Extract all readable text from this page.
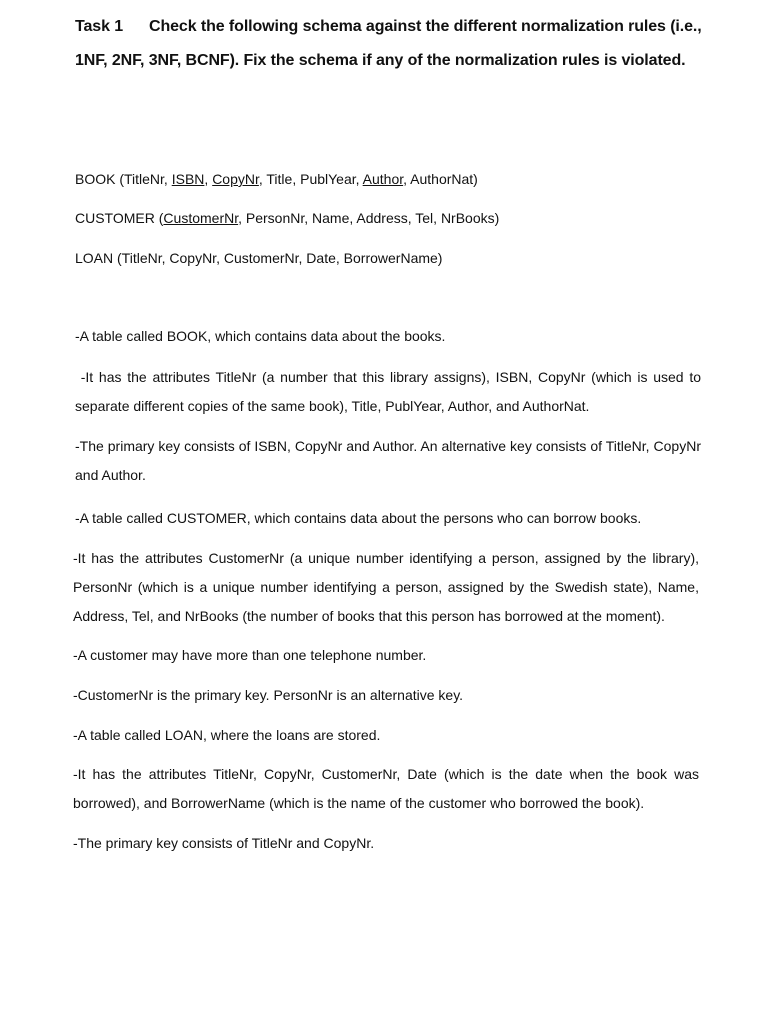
Task 1 Check the following schema against the different normalization rules (i.e., 1NF, 2NF, 3NF, BCNF). Fix the schema if any of the normalization rules is violated.
BOOK (TitleNr, ISBN, CopyNr, Title, PublYear, Author, AuthorNat)
CUSTOMER (CustomerNr, PersonNr, Name, Address, Tel, NrBooks)
LOAN (TitleNr, CopyNr, CustomerNr, Date, BorrowerName)
-A table called BOOK, which contains data about the books.
-It has the attributes TitleNr (a number that this library assigns), ISBN, CopyNr (which is used to separate different copies of the same book), Title, PublYear, Author, and AuthorNat.
-The primary key consists of ISBN, CopyNr and Author. An alternative key consists of TitleNr, CopyNr and Author.
-A table called CUSTOMER, which contains data about the persons who can borrow books.
-It has the attributes CustomerNr (a unique number identifying a person, assigned by the library), PersonNr (which is a unique number identifying a person, assigned by the Swedish state), Name, Address, Tel, and NrBooks (the number of books that this person has borrowed at the moment).
-A customer may have more than one telephone number.
-CustomerNr is the primary key. PersonNr is an alternative key.
-A table called LOAN, where the loans are stored.
-It has the attributes TitleNr, CopyNr, CustomerNr, Date (which is the date when the book was borrowed), and BorrowerName (which is the name of the customer who borrowed the book).
-The primary key consists of TitleNr and CopyNr.
